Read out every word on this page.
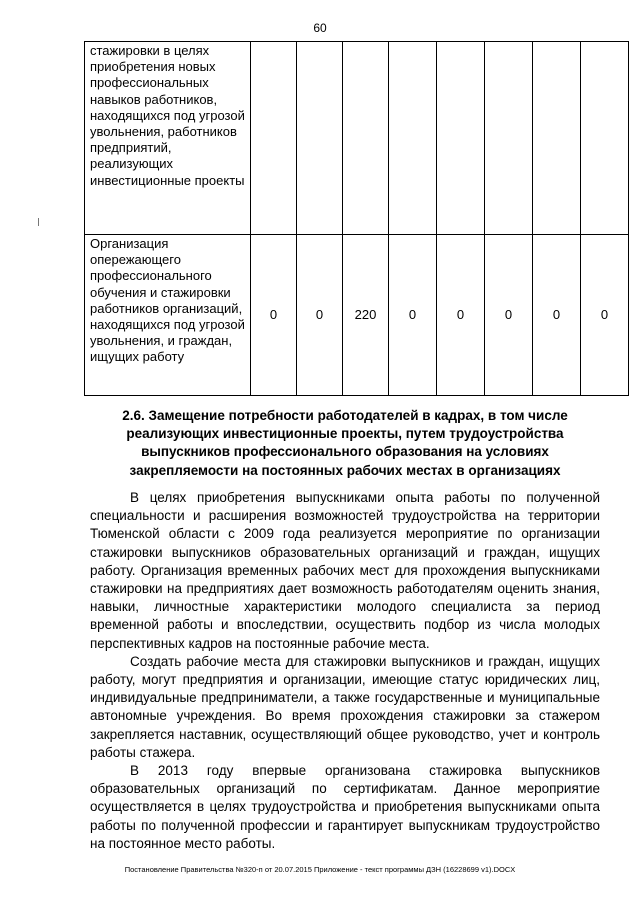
60
стажировки в целях приобретения новых профессиональных навыков работников, находящихся под угрозой увольнения, работников предприятий, реализующих инвестиционные проекты								
Организация опережающего профессионального обучения и стажировки работников организаций, находящихся под угрозой увольнения, и граждан, ищущих работу	0	0	220	0	0	0	0	0
2.6. Замещение потребности работодателей в кадрах, в том числе
реализующих инвестиционные проекты, путем трудоустройства
выпускников профессионального образования на условиях
закрепляемости на постоянных рабочих местах в организациях

В целях приобретения выпускниками опыта работы по полученной специальности и расширения возможностей трудоустройства на территории Тюменской области с 2009 года реализуется мероприятие по организации стажировки выпускников образовательных организаций и граждан, ищущих работу. Организация временных рабочих мест для прохождения выпускниками стажировки на предприятиях дает возможность работодателям оценить знания, навыки, личностные характеристики молодого специалиста за период временной работы и впоследствии, осуществить подбор из числа молодых перспективных кадров на постоянные рабочие места.

Создать рабочие места для стажировки выпускников и граждан, ищущих работу, могут предприятия и организации, имеющие статус юридических лиц, индивидуальные предприниматели, а также государственные и муниципальные автономные учреждения. Во время прохождения стажировки за стажером закрепляется наставник, осуществляющий общее руководство, учет и контроль работы стажера.

В 2013 году впервые организована стажировка выпускников образовательных организаций по сертификатам. Данное мероприятие осуществляется в целях трудоустройства и приобретения выпускниками опыта работы по полученной профессии и гарантирует выпускникам трудоустройство на постоянное место работы.

Постановление Правительства №320-п от 20.07.2015 Приложение - текст программы ДЗН (16228699 v1).DOCX
